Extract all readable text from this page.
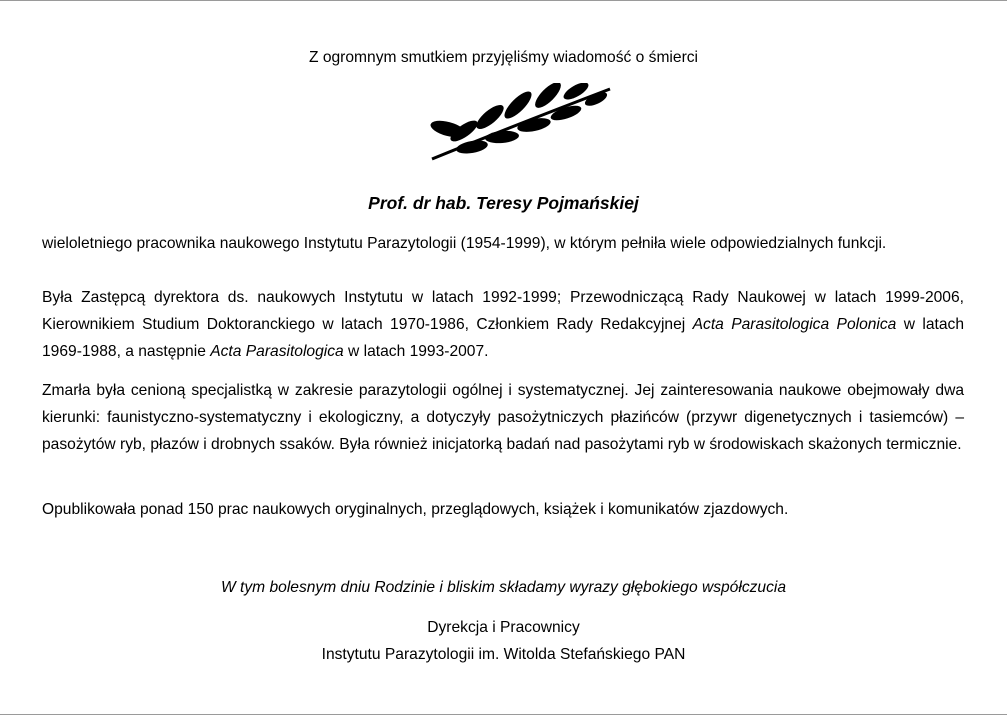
Z ogromnym smutkiem przyjęliśmy wiadomość o śmierci
Prof. dr hab. Teresy Pojmańskiej

wieloletniego pracownika naukowego Instytutu Parazytologii (1954-1999), w którym pełniła wiele odpowiedzialnych funkcji.

Była Zastępcą dyrektora ds. naukowych Instytutu w latach 1992-1999; Przewodniczącą Rady Naukowej w latach 1999-2006, Kierownikiem Studium Doktoranckiego w latach 1970-1986, Członkiem Rady Redakcyjnej Acta Parasitologica Polonica w latach 1969-1988, a następnie Acta Parasitologica w latach 1993-2007.

Zmarła była cenioną specjalistką w zakresie parazytologii ogólnej i systematycznej. Jej zainteresowania naukowe obejmowały dwa kierunki: faunistyczno-systematyczny i ekologiczny, a dotyczyły pasożytniczych płazińców (przywr digenetycznych i tasiemców) – pasożytów ryb, płazów i drobnych ssaków. Była również inicjatorką badań nad pasożytami ryb w środowiskach skażonych termicznie.

Opublikowała ponad 150 prac naukowych oryginalnych, przeglądowych, książek i komunikatów zjazdowych.

W tym bolesnym dniu Rodzinie i bliskim składamy wyrazy głębokiego współczucia
Dyrekcja i Pracownicy
Instytutu Parazytologii im. Witolda Stefańskiego PAN
